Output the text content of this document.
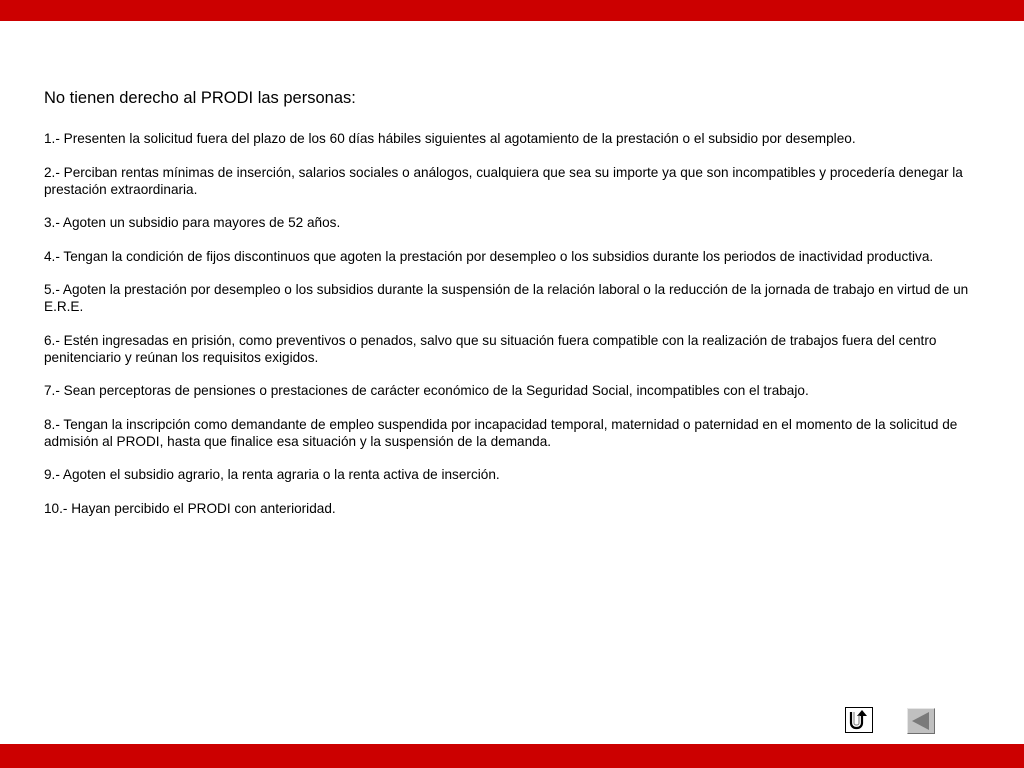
No tienen derecho al PRODI las personas:
1.- Presenten la solicitud fuera del plazo de los 60 días hábiles siguientes al agotamiento de la prestación o el subsidio por desempleo.
2.- Perciban rentas mínimas de inserción, salarios sociales o análogos, cualquiera que sea su importe ya que son incompatibles y procedería denegar la prestación extraordinaria.
3.- Agoten un subsidio para mayores de 52 años.
4.- Tengan la condición de fijos discontinuos que agoten la prestación por desempleo o los subsidios durante los periodos de inactividad productiva.
5.- Agoten la prestación por desempleo o los subsidios durante la suspensión de la relación laboral o la reducción de la jornada de trabajo en virtud de un E.R.E.
6.- Estén ingresadas en prisión, como preventivos o penados, salvo que su situación fuera compatible con la realización de trabajos fuera del centro penitenciario y reúnan los requisitos exigidos.
7.- Sean perceptoras de pensiones o prestaciones de carácter económico de la Seguridad Social, incompatibles con el trabajo.
8.- Tengan la inscripción como demandante de empleo suspendida por incapacidad temporal, maternidad o paternidad en el momento de la solicitud de admisión al PRODI, hasta que finalice esa situación y la suspensión de la demanda.
9.- Agoten el subsidio agrario, la renta agraria o la renta activa de inserción.
10.- Hayan percibido el PRODI con anterioridad.
